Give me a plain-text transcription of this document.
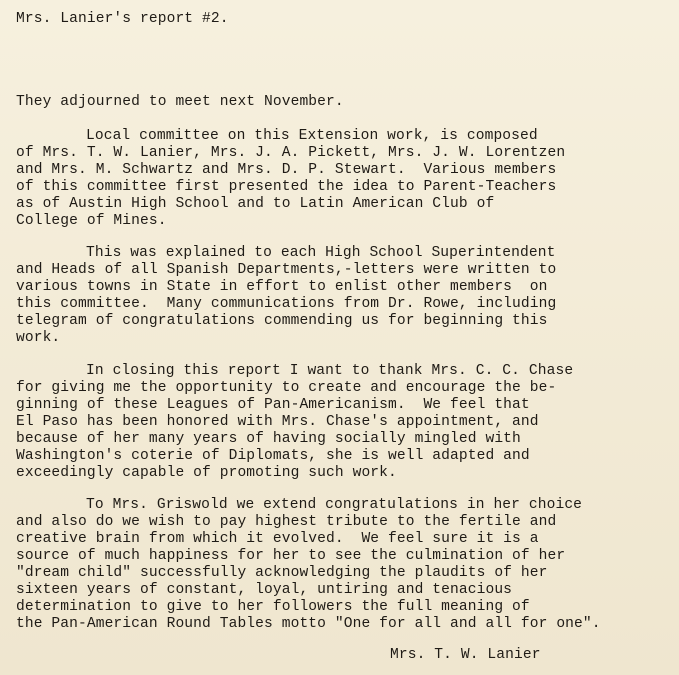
Mrs. Lanier's report #2.
They adjourned to meet next November.
Local committee on this Extension work, is composed
of Mrs. T. W. Lanier, Mrs. J. A. Pickett, Mrs. J. W. Lorentzen
and Mrs. M. Schwartz and Mrs. D. P. Stewart.  Various members
of this committee first presented the idea to Parent-Teachers
as of Austin High School and to Latin American Club of
College of Mines.
This was explained to each High School Superintendent
and Heads of all Spanish Departments,-letters were written to
various towns in State in effort to enlist other members  on
this committee.  Many communications from Dr. Rowe, including
telegram of congratulations commending us for beginning this
work.
In closing this report I want to thank Mrs. C. C. Chase
for giving me the opportunity to create and encourage the be-
ginning of these Leagues of Pan-Americanism.  We feel that
El Paso has been honored with Mrs. Chase's appointment, and
because of her many years of having socially mingled with
Washington's coterie of Diplomats, she is well adapted and
exceedingly capable of promoting such work.
To Mrs. Griswold we extend congratulations in her choice
and also do we wish to pay highest tribute to the fertile and
creative brain from which it evolved.  We feel sure it is a
source of much happiness for her to see the culmination of her
"dream child" successfully acknowledging the plaudits of her
sixteen years of constant, loyal, untiring and tenacious
determination to give to her followers the full meaning of
the Pan-American Round Tables motto "One for all and all for one".
Mrs. T. W. Lanier
